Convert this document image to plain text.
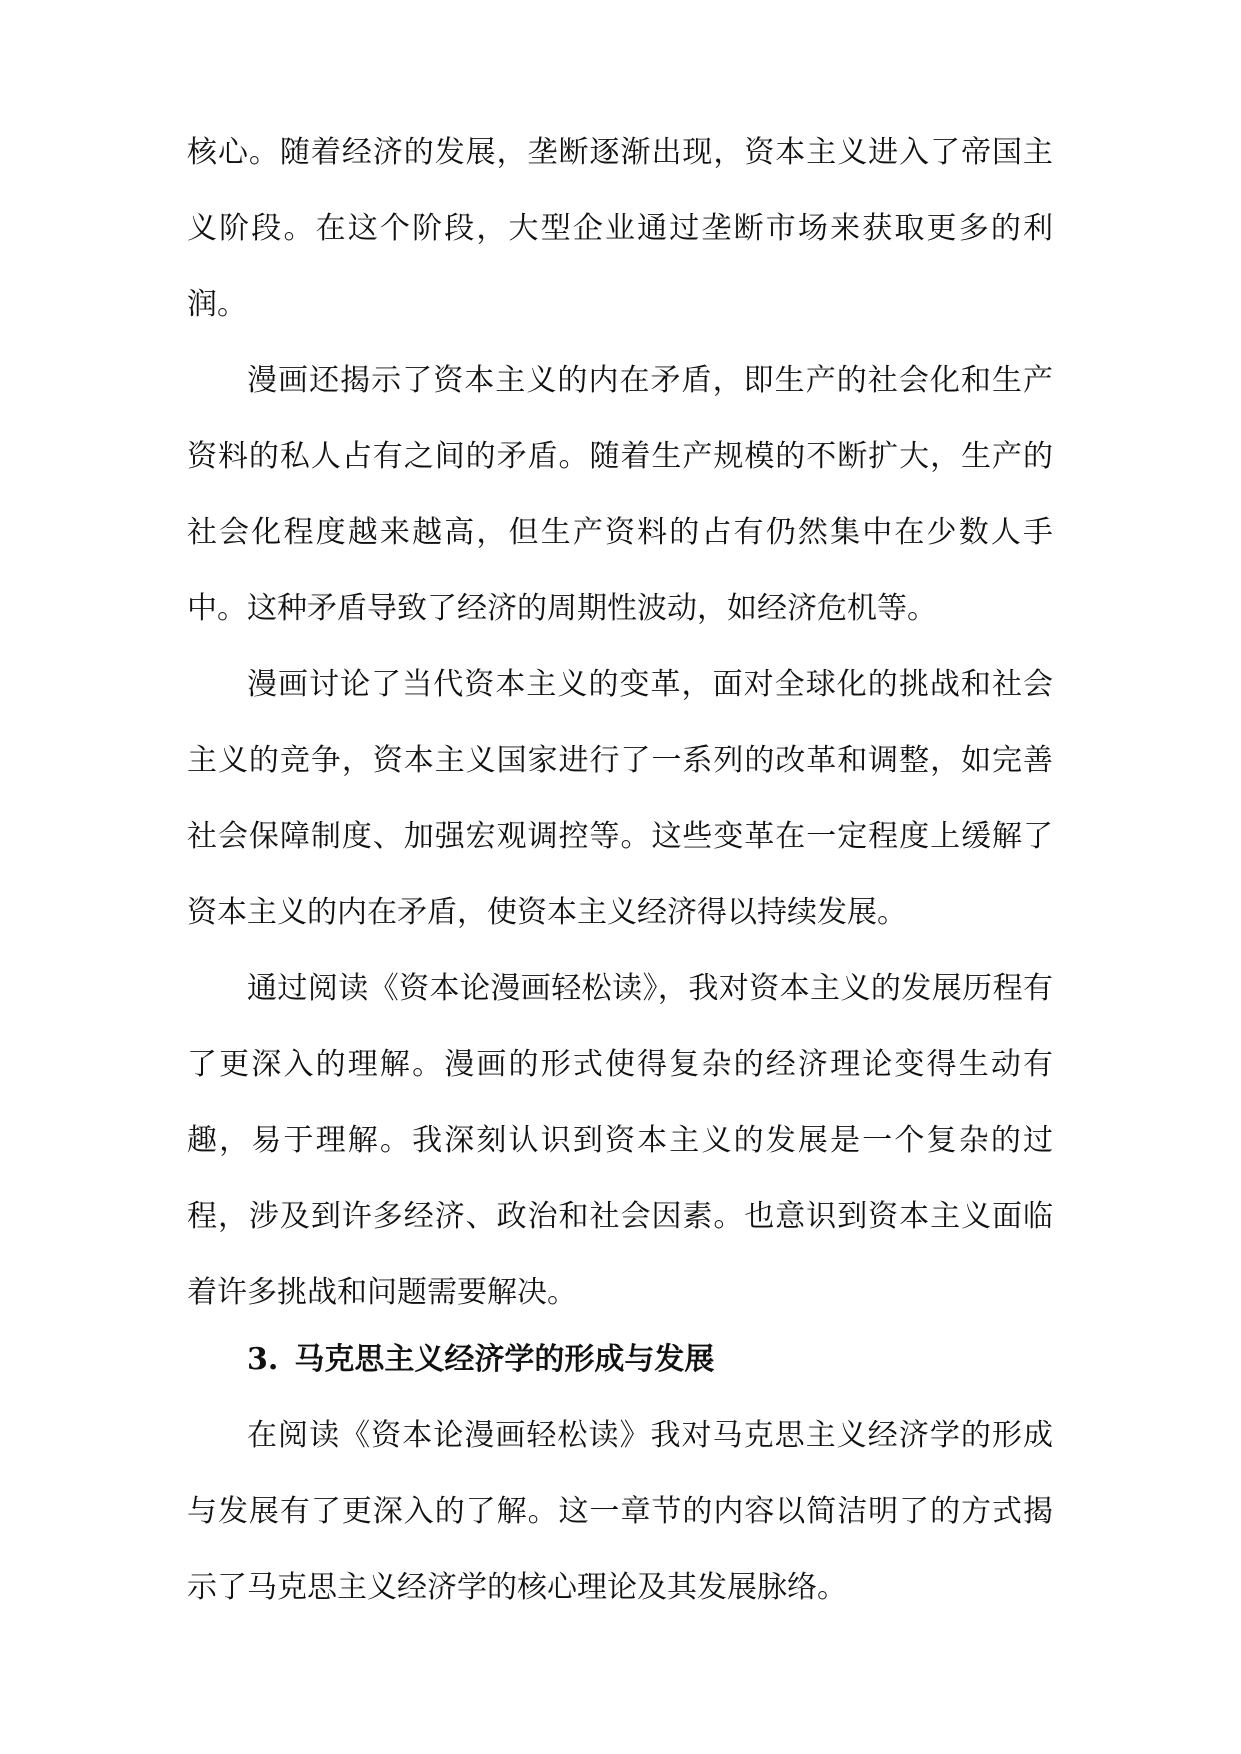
核心。随着经济的发展，垄断逐渐出现，资本主义进入了帝国主义阶段。在这个阶段，大型企业通过垄断市场来获取更多的利润。

漫画还揭示了资本主义的内在矛盾，即生产的社会化和生产资料的私人占有之间的矛盾。随着生产规模的不断扩大，生产的社会化程度越来越高，但生产资料的占有仍然集中在少数人手中。这种矛盾导致了经济的周期性波动，如经济危机等。

漫画讨论了当代资本主义的变革，面对全球化的挑战和社会主义的竞争，资本主义国家进行了一系列的改革和调整，如完善社会保障制度、加强宏观调控等。这些变革在一定程度上缓解了资本主义的内在矛盾，使资本主义经济得以持续发展。

通过阅读《资本论漫画轻松读》，我对资本主义的发展历程有了更深入的理解。漫画的形式使得复杂的经济理论变得生动有趣，易于理解。我深刻认识到资本主义的发展是一个复杂的过程，涉及到许多经济、政治和社会因素。也意识到资本主义面临着许多挑战和问题需要解决。

3. 马克思主义经济学的形成与发展

在阅读《资本论漫画轻松读》我对马克思主义经济学的形成与发展有了更深入的了解。这一章节的内容以简洁明了的方式揭示了马克思主义经济学的核心理论及其发展脉络。
